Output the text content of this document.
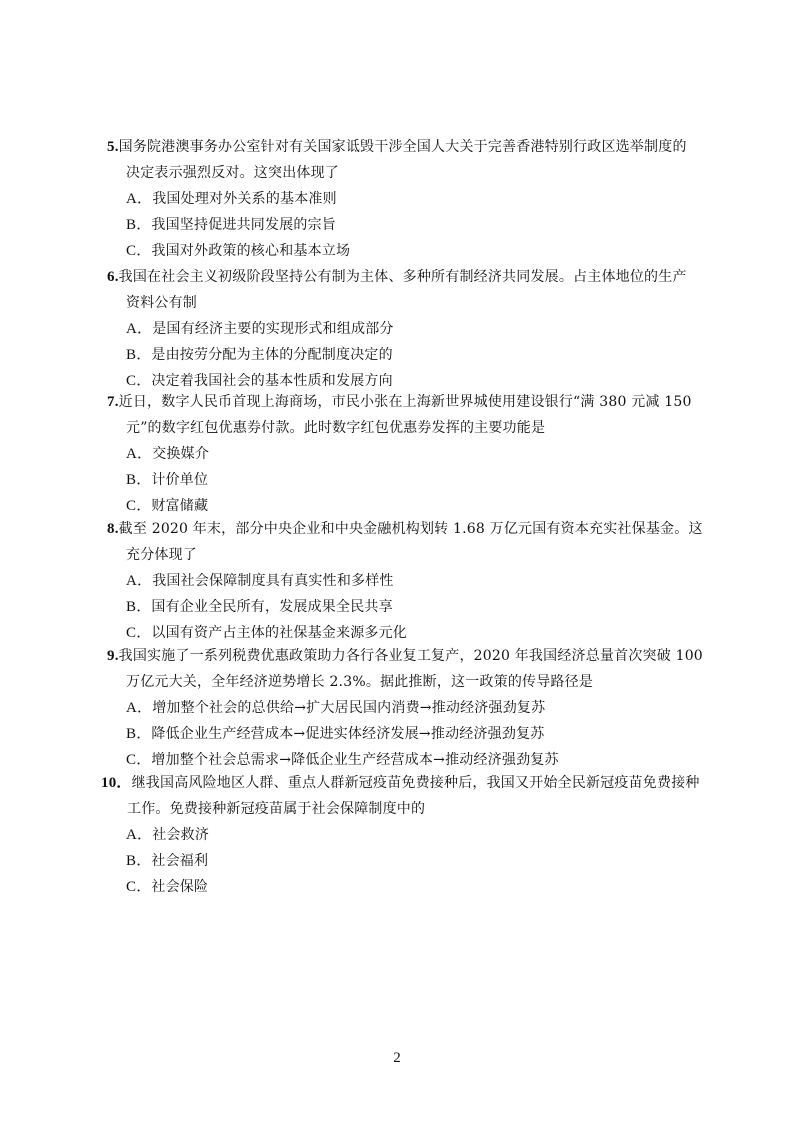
5.国务院港澳事务办公室针对有关国家诋毁干涉全国人大关于完善香港特别行政区选举制度的
决定表示强烈反对。这突出体现了
A．我国处理对外关系的基本准则
B．我国坚持促进共同发展的宗旨
C．我国对外政策的核心和基本立场
6.我国在社会主义初级阶段坚持公有制为主体、多种所有制经济共同发展。占主体地位的生产
资料公有制
A．是国有经济主要的实现形式和组成部分
B．是由按劳分配为主体的分配制度决定的
C．决定着我国社会的基本性质和发展方向
7.近日，数字人民币首现上海商场，市民小张在上海新世界城使用建设银行“满 380 元减 150
元”的数字红包优惠券付款。此时数字红包优惠券发挥的主要功能是
A．交换媒介
B．计价单位
C．财富储藏
8.截至 2020 年末，部分中央企业和中央金融机构划转 1.68 万亿元国有资本充实社保基金。这
充分体现了
A．我国社会保障制度具有真实性和多样性
B．国有企业全民所有，发展成果全民共享
C．以国有资产占主体的社保基金来源多元化
9.我国实施了一系列税费优惠政策助力各行各业复工复产，2020 年我国经济总量首次突破 100
万亿元大关，全年经济逆势增长 2.3%。据此推断，这一政策的传导路径是
A．增加整个社会的总供给→扩大居民国内消费→推动经济强劲复苏
B．降低企业生产经营成本→促进实体经济发展→推动经济强劲复苏
C．增加整个社会总需求→降低企业生产经营成本→推动经济强劲复苏
10．继我国高风险地区人群、重点人群新冠疫苗免费接种后，我国又开始全民新冠疫苗免费接种
工作。免费接种新冠疫苗属于社会保障制度中的
A．社会救济
B．社会福利
C．社会保险
2
